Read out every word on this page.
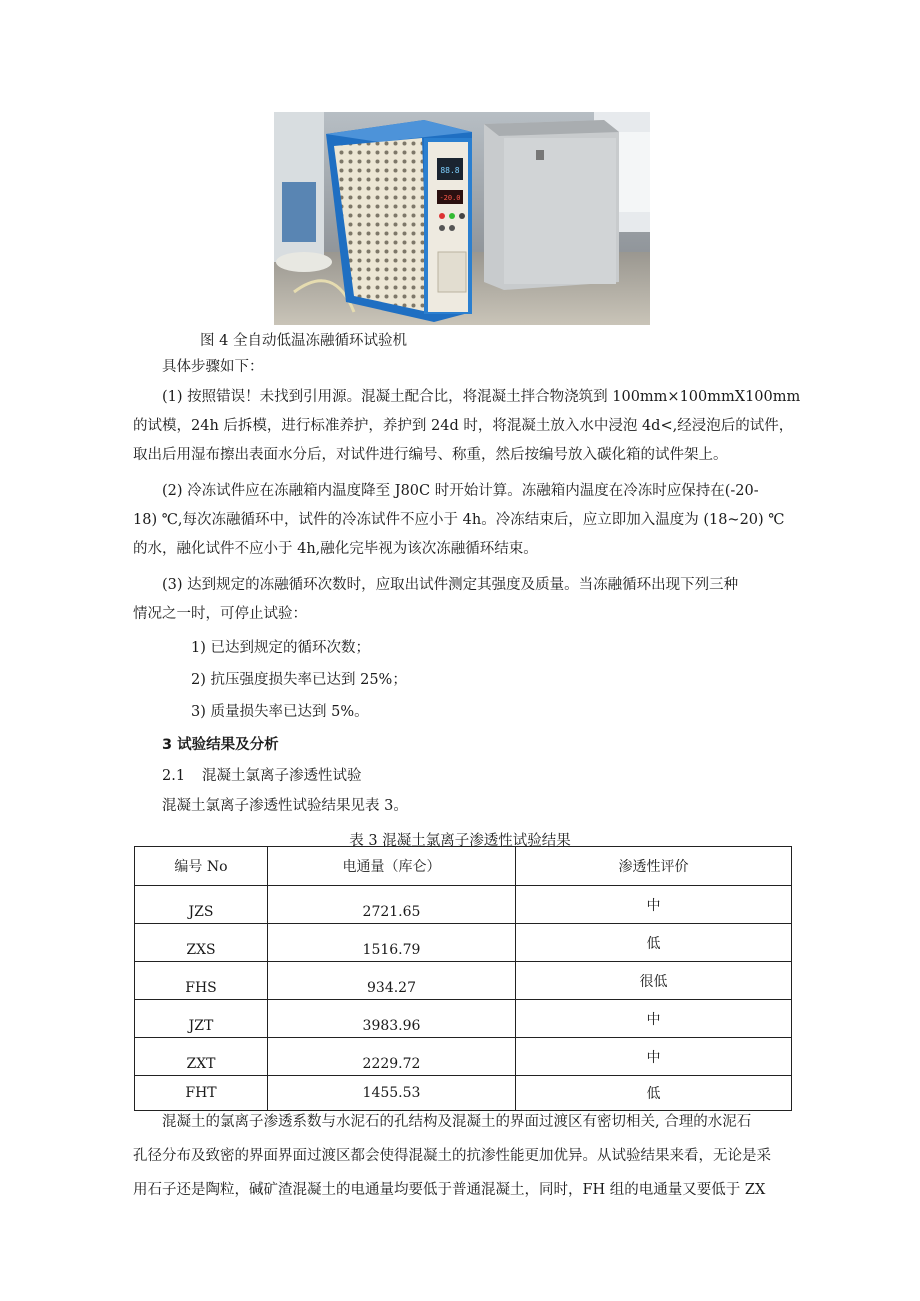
88.8
-20.0
图 4 全自动低温冻融循环试验机
具体步骤如下：
(1) 按照错误！未找到引用源。混凝土配合比，将混凝土拌合物浇筑到 100mm×100mmX100mm
的试模，24h 后拆模，进行标准养护，养护到 24d 时，将混凝土放入水中浸泡 4d<,经浸泡后的试件，
取出后用湿布擦出表面水分后，对试件进行编号、称重，然后按编号放入碳化箱的试件架上。
(2) 冷冻试件应在冻融箱内温度降至 J80C 时开始计算。冻融箱内温度在冷冻时应保持在(-20-
18) ℃,每次冻融循环中，试件的冷冻试件不应小于 4h。冷冻结束后，应立即加入温度为 (18~20) ℃
的水，融化试件不应小于 4h,融化完毕视为该次冻融循环结束。
(3) 达到规定的冻融循环次数时，应取出试件测定其强度及质量。当冻融循环出现下列三种
情况之一时，可停止试验：
1) 已达到规定的循环次数；
2) 抗压强度损失率已达到 25%；
3) 质量损失率已达到 5%。
3 试验结果及分析
2.1 混凝土氯离子渗透性试验
混凝土氯离子渗透性试验结果见表 3。
表 3 混凝土氯离子渗透性试验结果
编号 No	电通量（库仑）	渗透性评价
JZS	2721.65	中
ZXS	1516.79	低
FHS	934.27	很低
JZT	3983.96	中
ZXT	2229.72	中
FHT	1455.53	低
混凝土的氯离子渗透系数与水泥石的孔结构及混凝土的界面过渡区有密切相关, 合理的水泥石
孔径分布及致密的界面界面过渡区都会使得混凝土的抗渗性能更加优异。从试验结果来看，无论是采
用石子还是陶粒，碱矿渣混凝土的电通量均要低于普通混凝土，同时，FH 组的电通量又要低于 ZX
